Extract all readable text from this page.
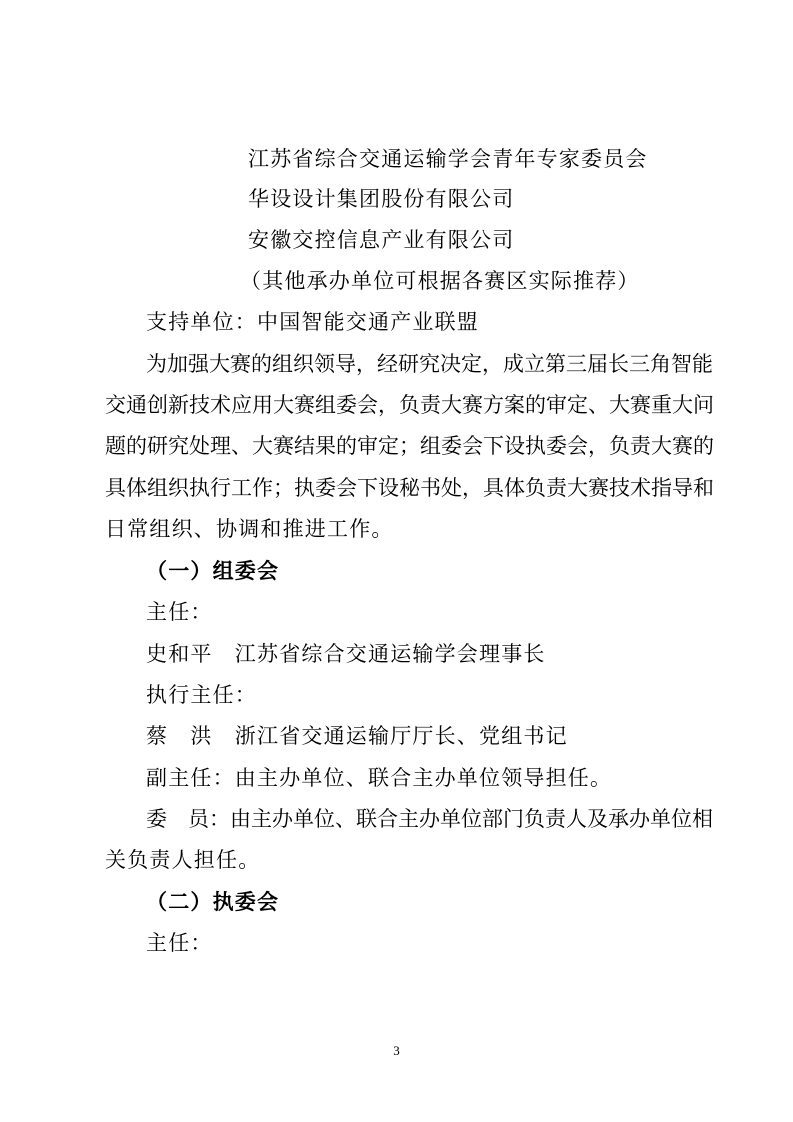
江苏省综合交通运输学会青年专家委员会
华设设计集团股份有限公司
安徽交控信息产业有限公司
（其他承办单位可根据各赛区实际推荐）
支持单位：中国智能交通产业联盟
为加强大赛的组织领导，经研究决定，成立第三届长三角智能
交通创新技术应用大赛组委会，负责大赛方案的审定、大赛重大问
题的研究处理、大赛结果的审定；组委会下设执委会，负责大赛的
具体组织执行工作；执委会下设秘书处，具体负责大赛技术指导和
日常组织、协调和推进工作。
（一）组委会
主任：
史和平　江苏省综合交通运输学会理事长
执行主任：
蔡　洪　浙江省交通运输厅厅长、党组书记
副主任：由主办单位、联合主办单位领导担任。
委　员：由主办单位、联合主办单位部门负责人及承办单位相
关负责人担任。
（二）执委会
主任：
3
